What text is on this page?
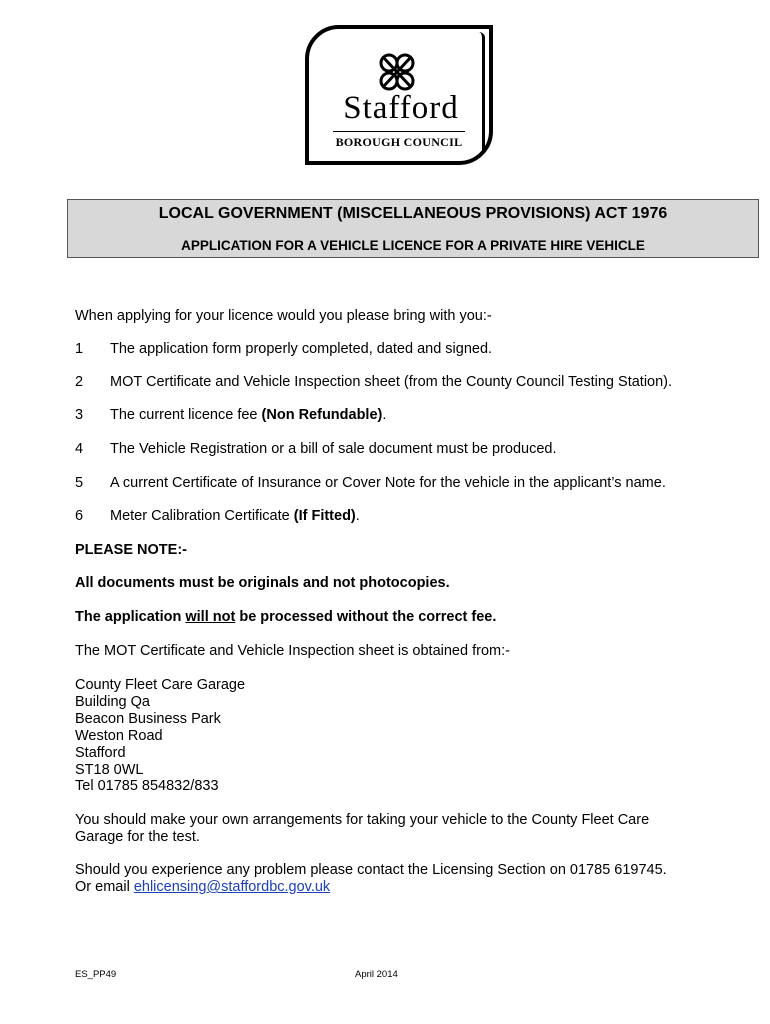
Stafford
BOROUGH COUNCIL
LOCAL GOVERNMENT (MISCELLANEOUS PROVISIONS) ACT 1976
APPLICATION FOR A VEHICLE LICENCE FOR A PRIVATE HIRE VEHICLE
When applying for your licence would you please bring with you:-
1 The application form properly completed, dated and signed.
2 MOT Certificate and Vehicle Inspection sheet (from the County Council Testing Station).
3 The current licence fee (Non Refundable).
4 The Vehicle Registration or a bill of sale document must be produced.
5 A current Certificate of Insurance or Cover Note for the vehicle in the applicant’s name.
6 Meter Calibration Certificate (If Fitted).
PLEASE NOTE:-
All documents must be originals and not photocopies.
The application will not be processed without the correct fee.
The MOT Certificate and Vehicle Inspection sheet is obtained from:-
County Fleet Care Garage
Building Qa
Beacon Business Park
Weston Road
Stafford
ST18 0WL
Tel 01785 854832/833
You should make your own arrangements for taking your vehicle to the County Fleet Care
Garage for the test.
Should you experience any problem please contact the Licensing Section on 01785 619745.
Or email ehlicensing@staffordbc.gov.uk
ES_PP49	April 2014
